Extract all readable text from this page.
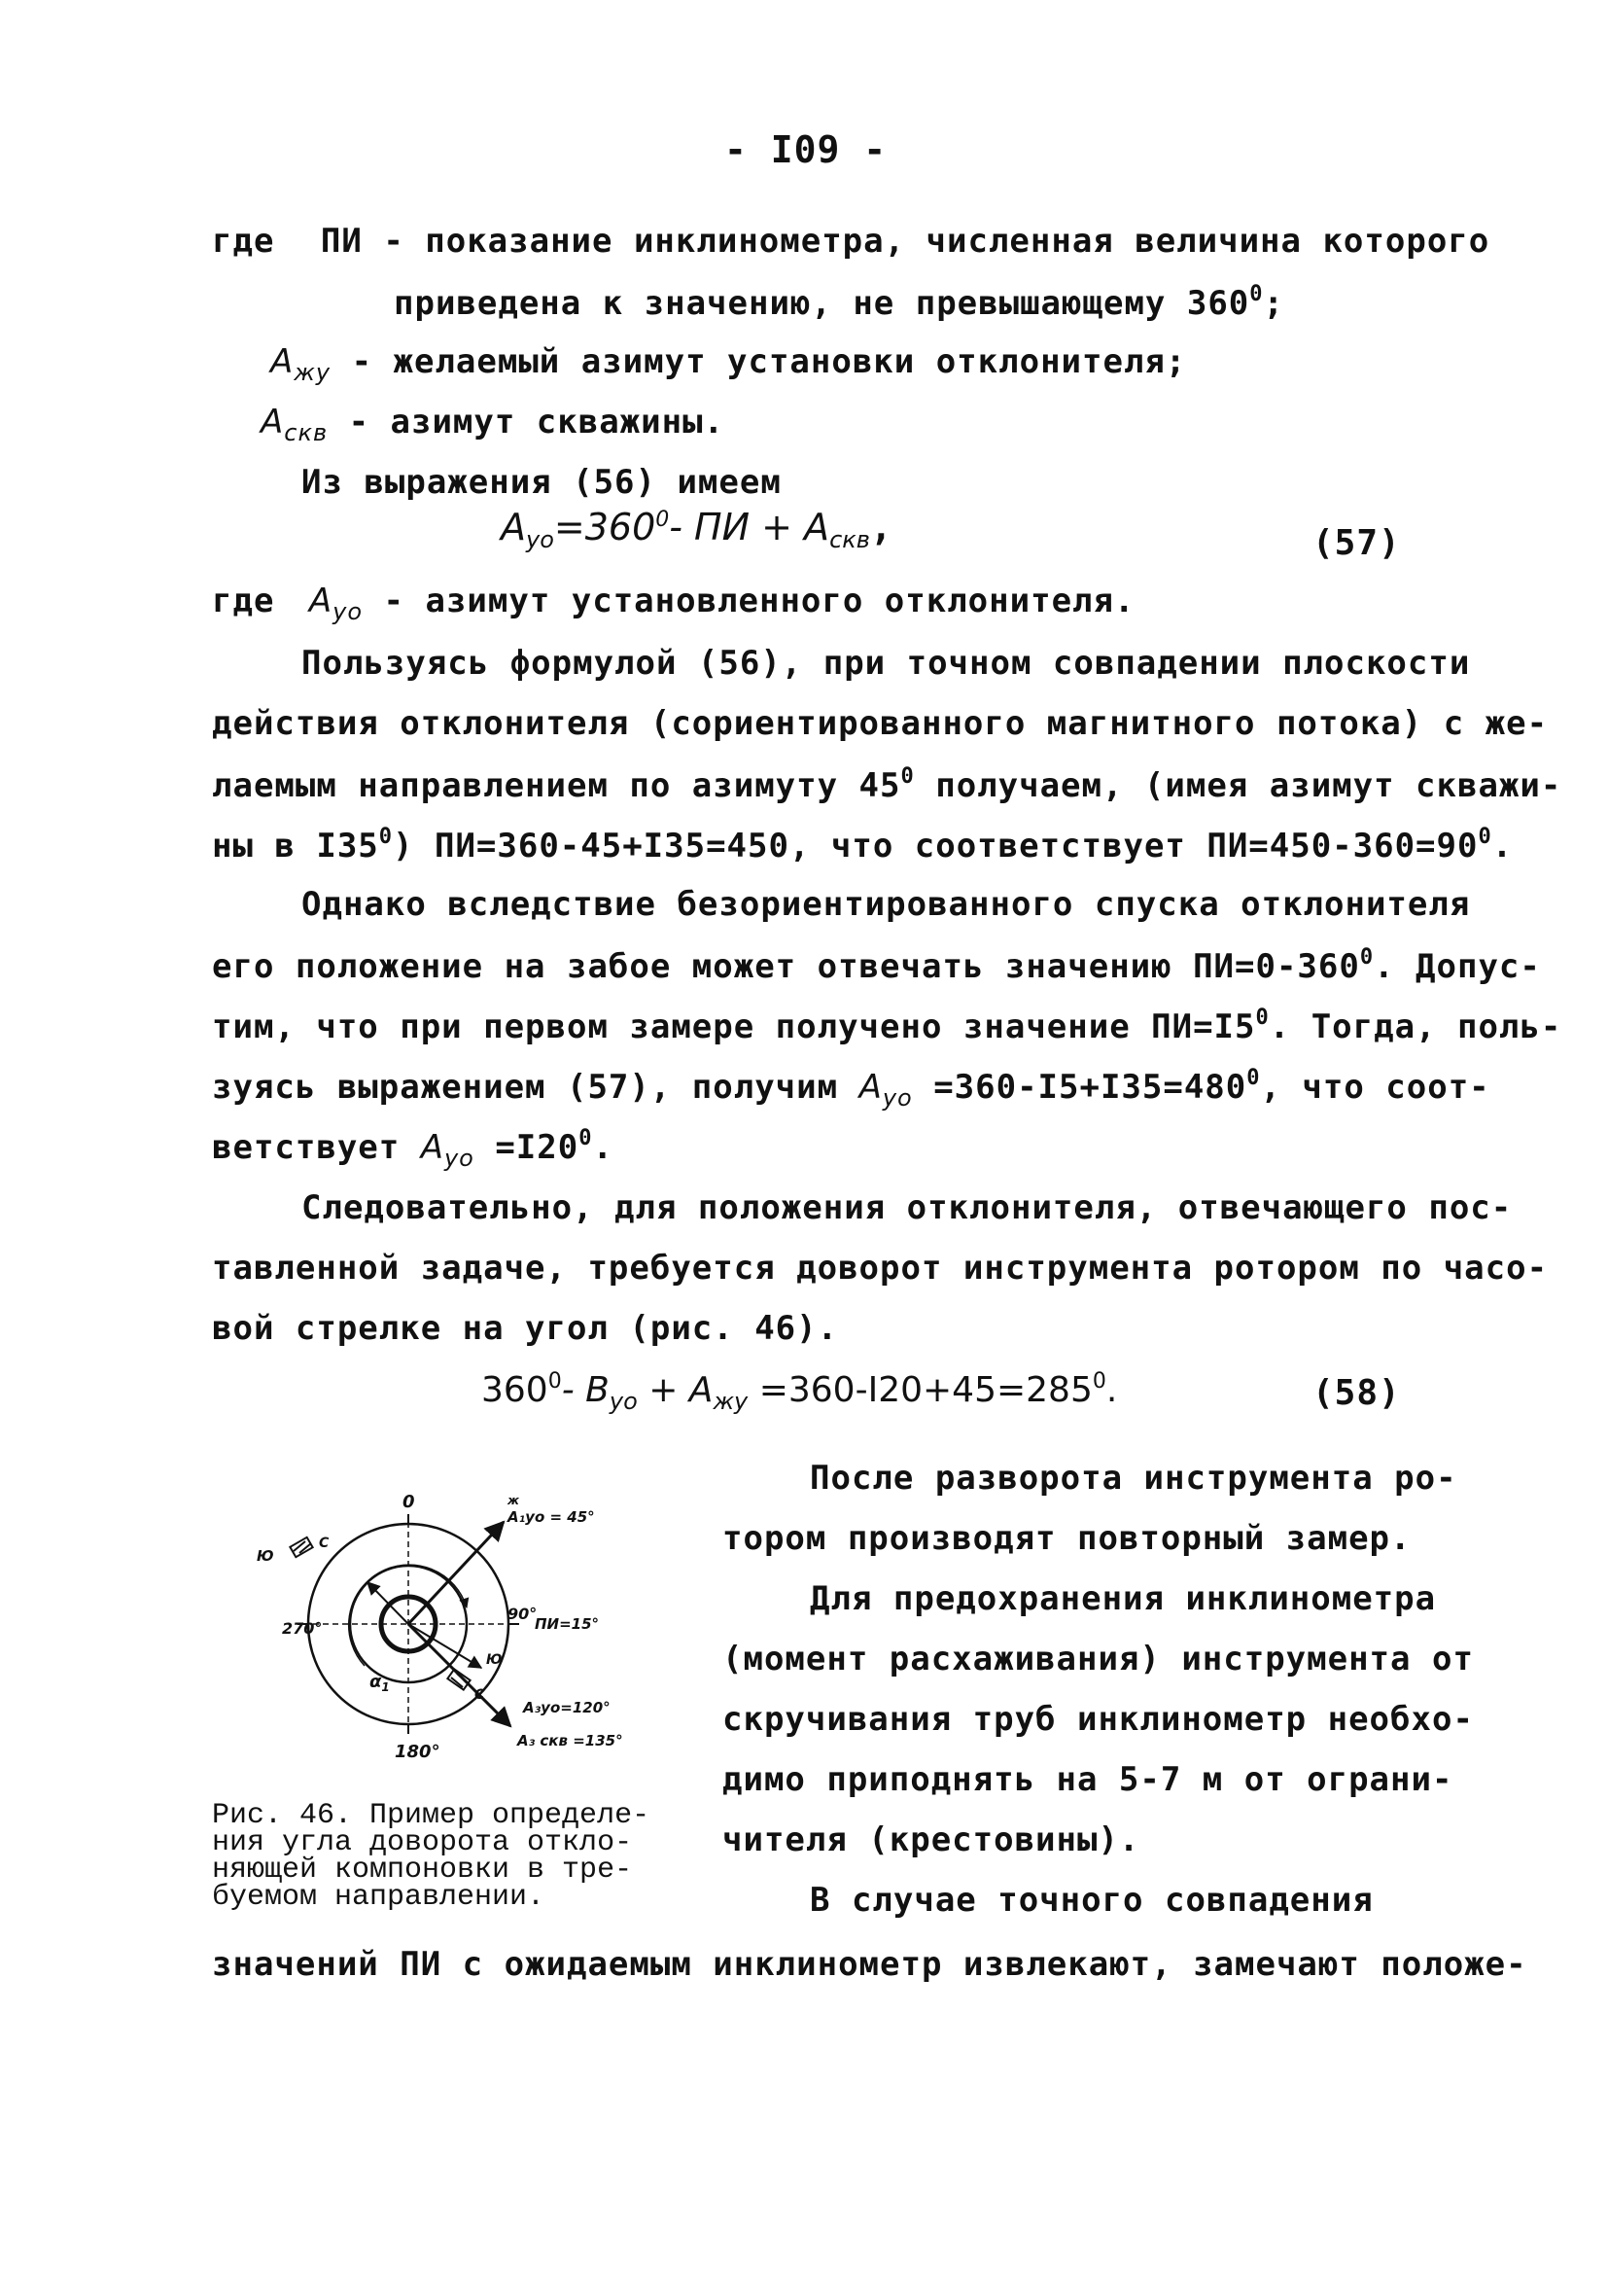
- I09 -
где ПИ - показание инклинометра, численная величина которого
приведена к значению, не превышающему $360^0$;
$A_{жу}$ - желаемый азимут установки отклонителя;
$A_{скв}$ - азимут скважины.
Из выражения (56) имеем
$A_{уо}=360^0-$ ПИ + $A_{скв}$,	(57)
где $A_{уо}$ - азимут установленного отклонителя.
Пользуясь формулой (56), при точном совпадении плоскости
действия отклонителя (сориентированного магнитного потока) с же-
лаемым направлением по азимуту $45^0$ получаем, (имея азимут скважи-
ны в $I35^0$) ПИ=360-45+I35=450, что соответствует $ПИ=450-360=90^0$.
Однако вследствие безориентированного спуска отклонителя
его положение на забое может отвечать значению $ПИ=0-360^0$. Допус-
тим, что при первом замере получено значение $ПИ=I5^0$. Тогда, поль-
зуясь выражением (57), получим $A_{уо} =360-I5+I35=480^0$, что соот-
ветствует $A_{уо} =I20^0$.
Следовательно, для положения отклонителя, отвечающего пос-
тавленной задаче, требуется доворот инструмента ротором по часо-
вой стрелке на угол (рис. 46).
$360^0-$ $B_{уо} + A_{жу} =360-I20+45=285^0$.	(58)
После разворота инструмента ро-
тором производят повторный замер.
Для предохранения инклинометра
(момент расхаживания) инструмента от
скручивания труб инклинометр необхо-
димо приподнять на 5-7 м от ограни-
чителя (крестовины).
В случае точного совпадения
Рис. 46. Пример определе-
ния угла доворота откло-
няющей компоновки в тре-
буемом направлении.
значений ПИ с ожидаемым инклинометр извлекают, замечают положе-
0
270°
180°
90°
ПИ=15°
ж
A₁уо = 45°
A₃уо=120°
A₃ скв =135°
Ю
С
Ю
С
$\alpha_1$
